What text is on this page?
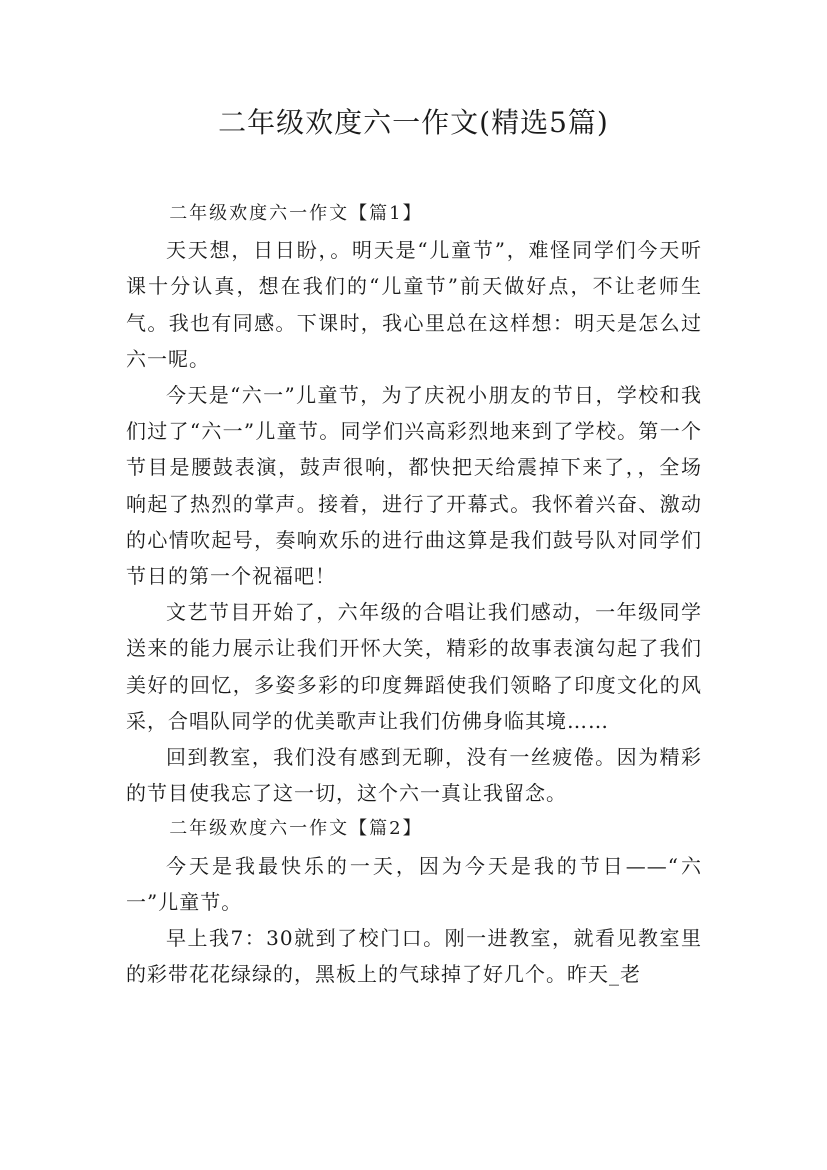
二年级欢度六一作文(精选5篇)

二年级欢度六一作文【篇1】

天天想，日日盼，。明天是“儿童节”，难怪同学们今天听课十分认真，想在我们的“儿童节”前天做好点，不让老师生气。我也有同感。下课时，我心里总在这样想：明天是怎么过六一呢。

今天是“六一”儿童节，为了庆祝小朋友的节日，学校和我们过了“六一”儿童节。同学们兴高彩烈地来到了学校。第一个节目是腰鼓表演，鼓声很响，都快把天给震掉下来了，，全场响起了热烈的掌声。接着，进行了开幕式。我怀着兴奋、激动的心情吹起号，奏响欢乐的进行曲这算是我们鼓号队对同学们节日的第一个祝福吧！

文艺节目开始了，六年级的合唱让我们感动，一年级同学送来的能力展示让我们开怀大笑，精彩的故事表演勾起了我们美好的回忆，多姿多彩的印度舞蹈使我们领略了印度文化的风采，合唱队同学的优美歌声让我们仿佛身临其境……

回到教室，我们没有感到无聊，没有一丝疲倦。因为精彩的节目使我忘了这一切，这个六一真让我留念。

二年级欢度六一作文【篇2】

今天是我最快乐的一天，因为今天是我的节日——“六一”儿童节。

早上我7：30就到了校门口。刚一进教室，就看见教室里的彩带花花绿绿的，黑板上的气球掉了好几个。昨天_老
